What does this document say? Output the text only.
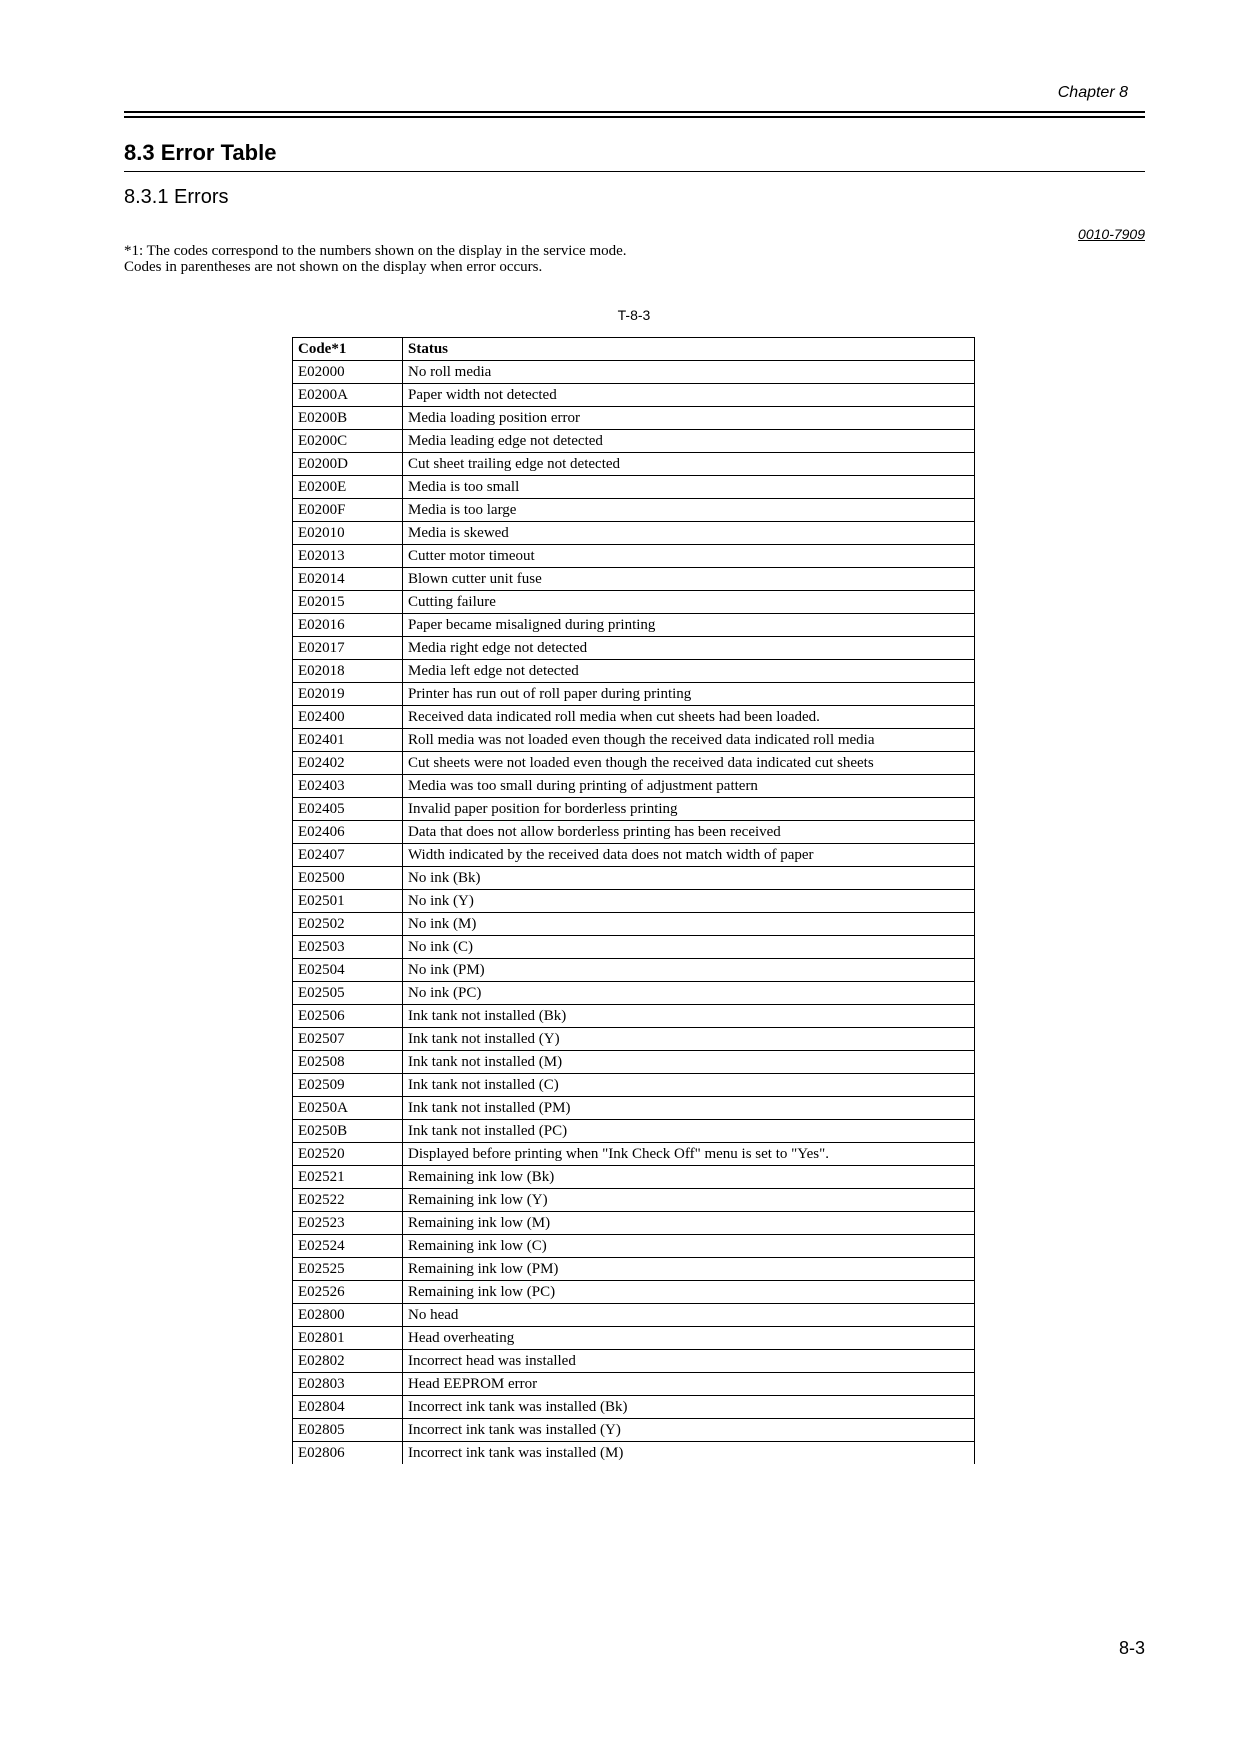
Chapter 8
8.3 Error Table
8.3.1 Errors
0010-7909
*1: The codes correspond to the numbers shown on the display in the service mode.
Codes in parentheses are not shown on the display when error occurs.
T-8-3
Code*1	Status
E02000	No roll media
E0200A	Paper width not detected
E0200B	Media loading position error
E0200C	Media leading edge not detected
E0200D	Cut sheet trailing edge not detected
E0200E	Media is too small
E0200F	Media is too large
E02010	Media is skewed
E02013	Cutter motor timeout
E02014	Blown cutter unit fuse
E02015	Cutting failure
E02016	Paper became misaligned during printing
E02017	Media right edge not detected
E02018	Media left edge not detected
E02019	Printer has run out of roll paper during printing
E02400	Received data indicated roll media when cut sheets had been loaded.
E02401	Roll media was not loaded even though the received data indicated roll media
E02402	Cut sheets were not loaded even though the received data indicated cut sheets
E02403	Media was too small during printing of adjustment pattern
E02405	Invalid paper position for borderless printing
E02406	Data that does not allow borderless printing has been received
E02407	Width indicated by the received data does not match width of paper
E02500	No ink (Bk)
E02501	No ink (Y)
E02502	No ink (M)
E02503	No ink (C)
E02504	No ink (PM)
E02505	No ink (PC)
E02506	Ink tank not installed (Bk)
E02507	Ink tank not installed (Y)
E02508	Ink tank not installed (M)
E02509	Ink tank not installed (C)
E0250A	Ink tank not installed (PM)
E0250B	Ink tank not installed (PC)
E02520	Displayed before printing when "Ink Check Off" menu is set to "Yes".
E02521	Remaining ink low (Bk)
E02522	Remaining ink low (Y)
E02523	Remaining ink low (M)
E02524	Remaining ink low (C)
E02525	Remaining ink low (PM)
E02526	Remaining ink low (PC)
E02800	No head
E02801	Head overheating
E02802	Incorrect head was installed
E02803	Head EEPROM error
E02804	Incorrect ink tank was installed (Bk)
E02805	Incorrect ink tank was installed (Y)
E02806	Incorrect ink tank was installed (M)
8-3
